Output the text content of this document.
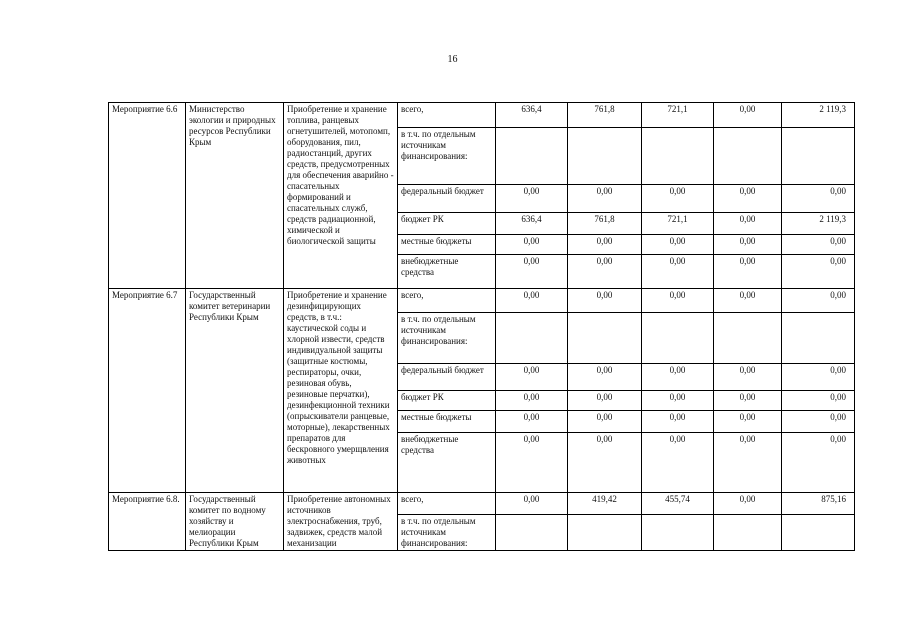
16
Мероприятие 6.6	Министерство экологии и природных ресурсов Республики Крым	Приобретение и хранение топлива, ранцевых огнетушителей, мотопомп, оборудования, пил, радиостанций, других средств, предусмотренных для обеспечения аварийно - спасательных формирований и спасательных служб, средств радиационной, химической и биологической защиты	всего,	636,4	761,8	721,1	0,00	2 119,3
			в т.ч. по отдельным источникам финансирования:					
			федеральный бюджет	0,00	0,00	0,00	0,00	0,00
			бюджет РК	636,4	761,8	721,1	0,00	2 119,3
			местные бюджеты	0,00	0,00	0,00	0,00	0,00
			внебюджетные средства	0,00	0,00	0,00	0,00	0,00
Мероприятие 6.7	Государственный комитет ветеринарии Республики Крым	Приобретение и хранение дезинфицирующих средств, в т.ч.: каустической соды и хлорной извести, средств индивидуальной защиты (защитные костюмы, респираторы, очки, резиновая обувь, резиновые перчатки), дезинфекционной техники (опрыскиватели ранцевые, моторные), лекарственных препаратов для бескровного умерщвления животных	всего,	0,00	0,00	0,00	0,00	0,00
			в т.ч. по отдельным источникам финансирования:					
			федеральный бюджет	0,00	0,00	0,00	0,00	0,00
			бюджет РК	0,00	0,00	0,00	0,00	0,00
			местные бюджеты	0,00	0,00	0,00	0,00	0,00
			внебюджетные средства	0,00	0,00	0,00	0,00	0,00
Мероприятие 6.8.	Государственный комитет по водному хозяйству и мелиорации Республики Крым	Приобретение автономных источников электроснабжения, труб, задвижек, средств малой механизации	всего,	0,00	419,42	455,74	0,00	875,16
			в т.ч. по отдельным источникам финансирования:					
